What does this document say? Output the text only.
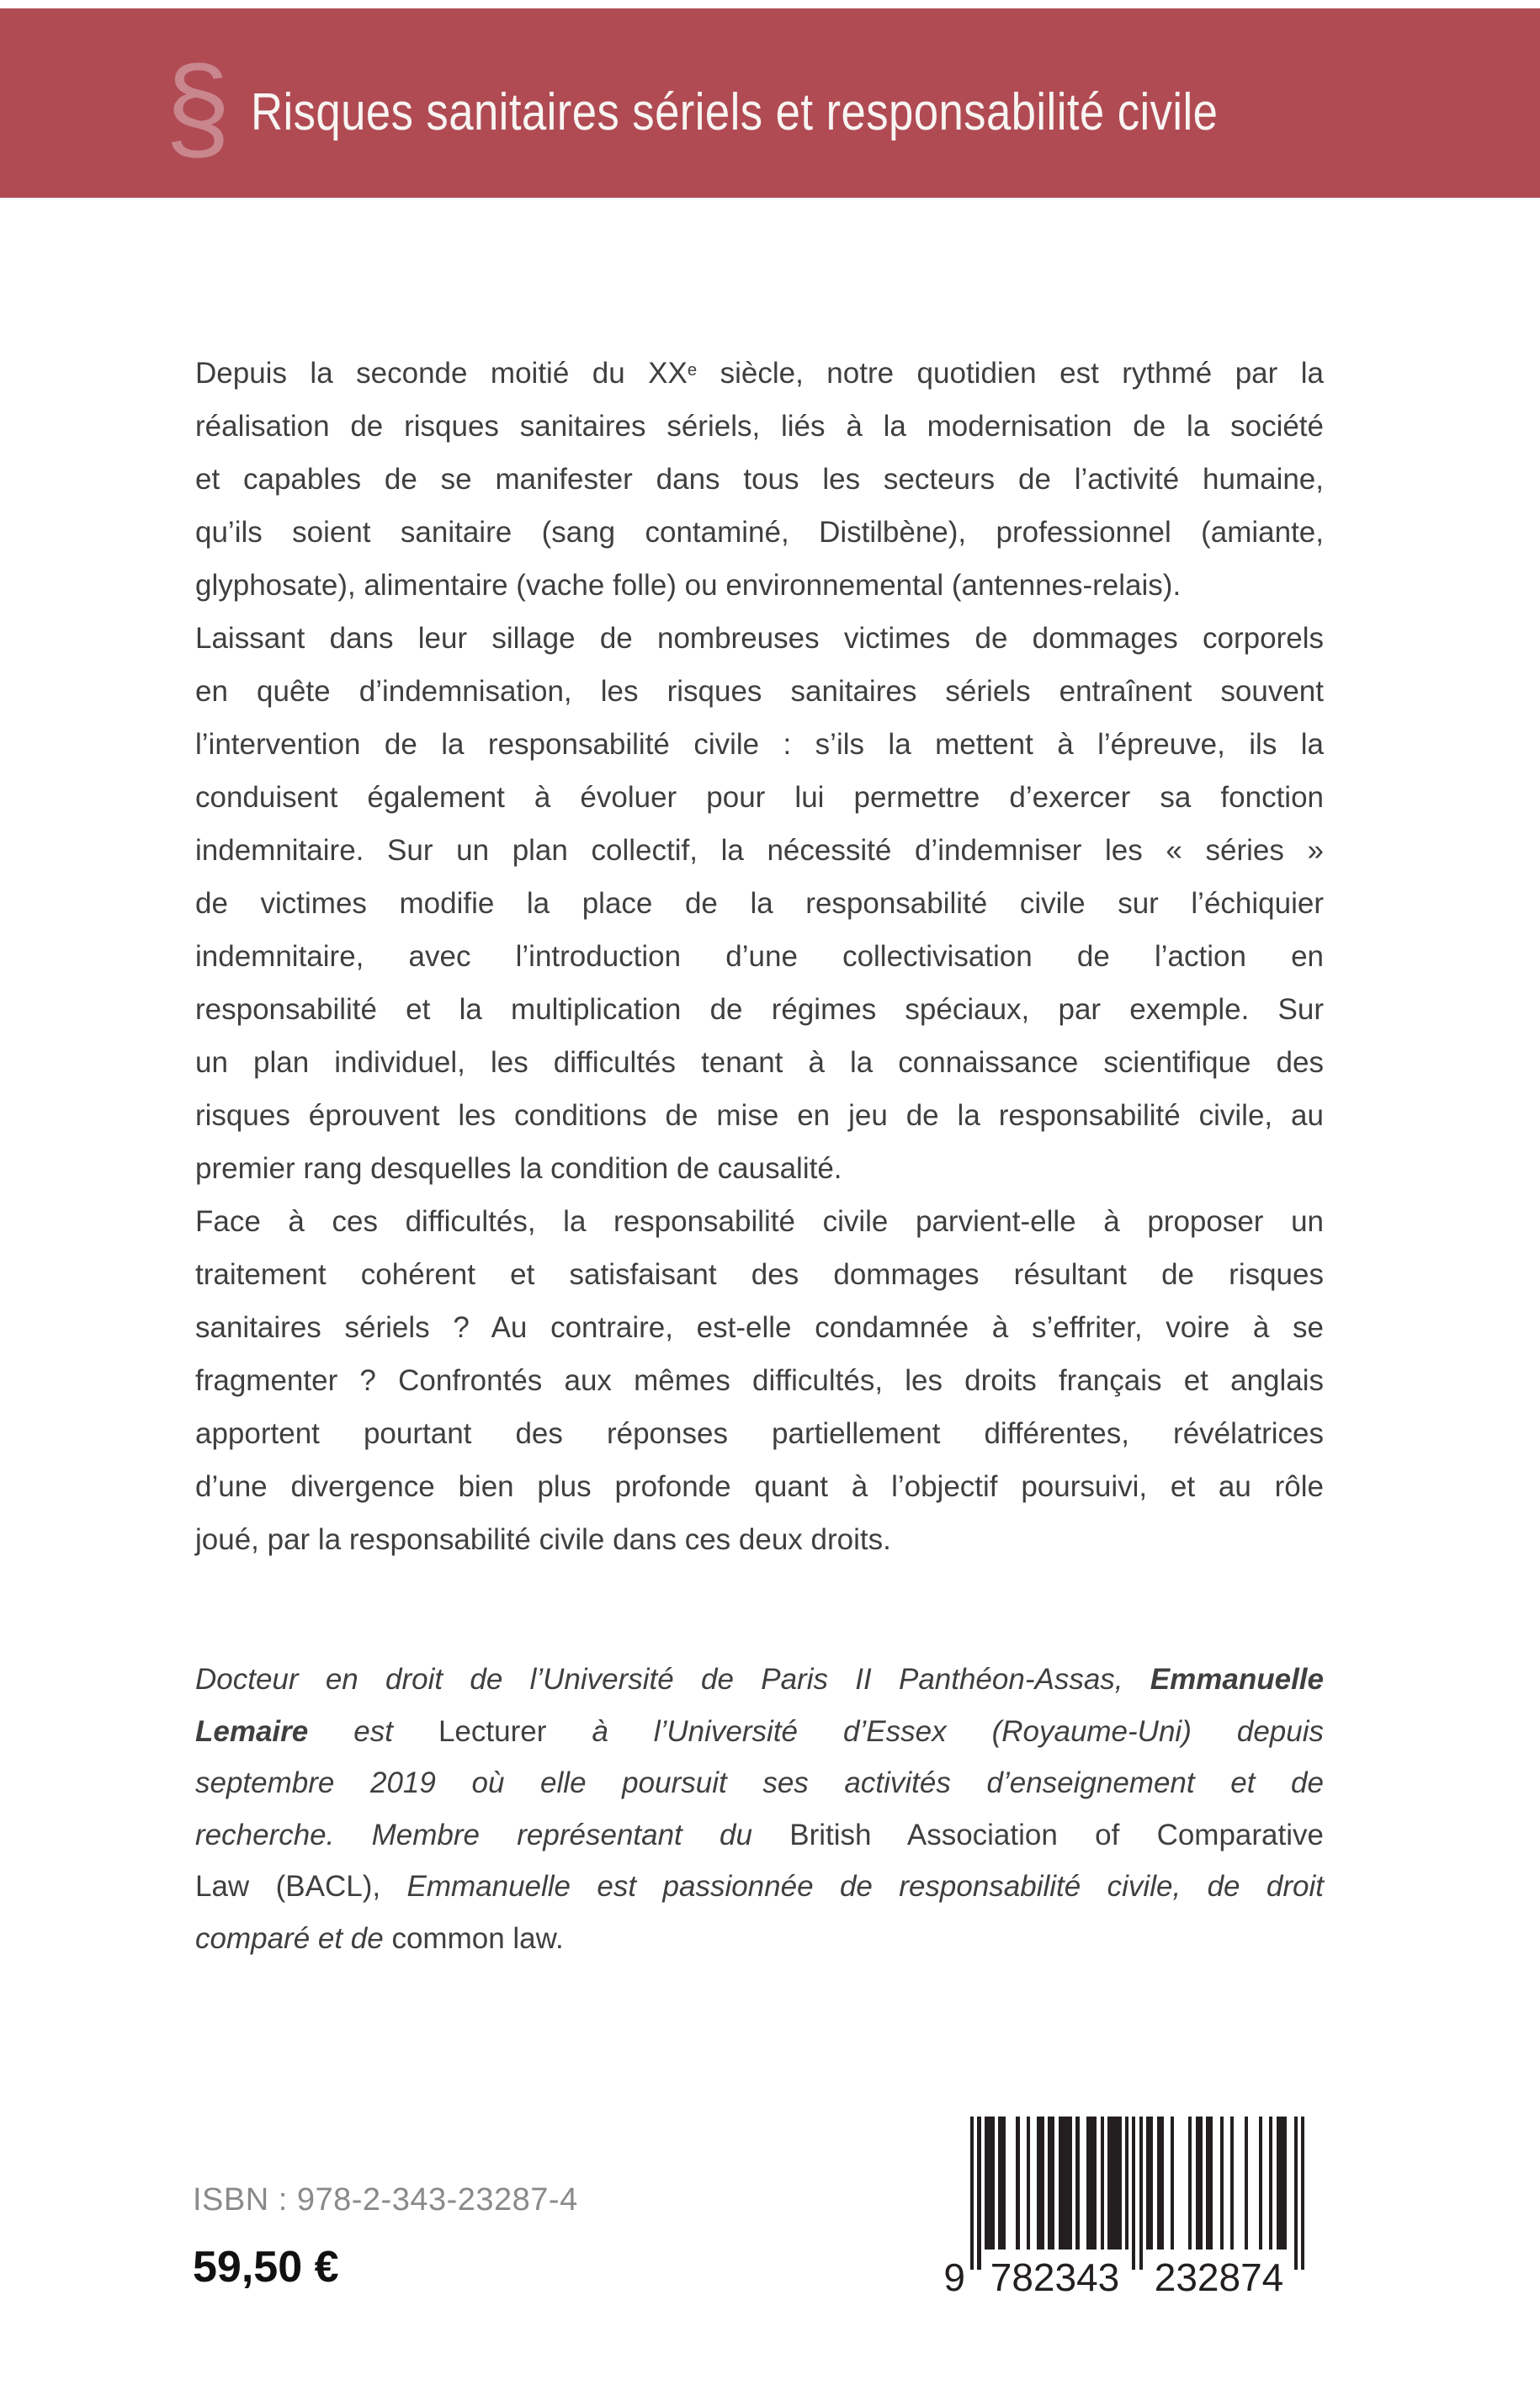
§ Risques sanitaires sériels et responsabilité civile
Depuis la seconde moitié du XXe siècle, notre quotidien est rythmé par la
réalisation de risques sanitaires sériels, liés à la modernisation de la société
et capables de se manifester dans tous les secteurs de l’activité humaine,
qu’ils soient sanitaire (sang contaminé, Distilbène), professionnel (amiante,
glyphosate), alimentaire (vache folle) ou environnemental (antennes-relais).
Laissant dans leur sillage de nombreuses victimes de dommages corporels
en quête d’indemnisation, les risques sanitaires sériels entraînent souvent
l’intervention de la responsabilité civile : s’ils la mettent à l’épreuve, ils la
conduisent également à évoluer pour lui permettre d’exercer sa fonction
indemnitaire. Sur un plan collectif, la nécessité d’indemniser les « séries »
de victimes modifie la place de la responsabilité civile sur l’échiquier
indemnitaire, avec l’introduction d’une collectivisation de l’action en
responsabilité et la multiplication de régimes spéciaux, par exemple. Sur
un plan individuel, les difficultés tenant à la connaissance scientifique des
risques éprouvent les conditions de mise en jeu de la responsabilité civile, au
premier rang desquelles la condition de causalité.
Face à ces difficultés, la responsabilité civile parvient-elle à proposer un
traitement cohérent et satisfaisant des dommages résultant de risques
sanitaires sériels ? Au contraire, est-elle condamnée à s’effriter, voire à se
fragmenter ? Confrontés aux mêmes difficultés, les droits français et anglais
apportent pourtant des réponses partiellement différentes, révélatrices
d’une divergence bien plus profonde quant à l’objectif poursuivi, et au rôle
joué, par la responsabilité civile dans ces deux droits.
Docteur en droit de l’Université de Paris II Panthéon-Assas, Emmanuelle
Lemaire est Lecturer à l’Université d’Essex (Royaume-Uni) depuis
septembre 2019 où elle poursuit ses activités d’enseignement et de
recherche. Membre représentant du British Association of Comparative
Law (BACL), Emmanuelle est passionnée de responsabilité civile, de droit
comparé et de common law.
ISBN : 978-2-343-23287-4
59,50 €	9 782343 232874
